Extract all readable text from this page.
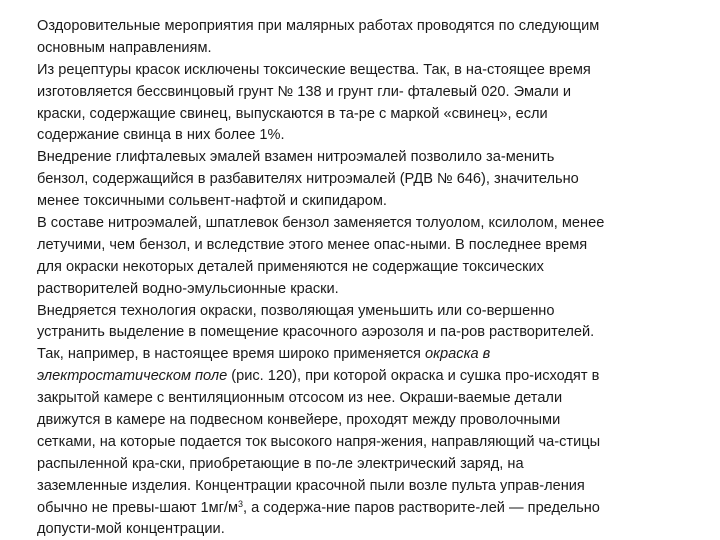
Оздоровительные мероприятия при малярных работах проводятся по следующим
основным направлениям.
Из рецептуры красок исключены токсические вещества. Так, в на-стоящее время
изготовляется бессвинцовый грунт № 138 и грунт гли- фталевый 020. Эмали и
краски, содержащие свинец, выпускаются в та-ре с маркой «свинец», если
содержание свинца в них более 1%.
Внедрение глифталевых эмалей взамен нитроэмалей позволило за-менить
бензол, содержащийся в разбавителях нитроэмалей (РДВ № 646), значительно
менее токсичными сольвент-нафтой и скипидаром.
В составе нитроэмалей, шпатлевок бензол заменяется толуолом, ксилолом, менее
летучими, чем бензол, и вследствие этого менее опас-ными. В последнее время
для окраски некоторых деталей применяются не содержащие токсических
растворителей водно-эмульсионные краски.
Внедряется технология окраски, позволяющая уменьшить или со-вершенно
устранить выделение в помещение красочного аэрозоля и па-ров растворителей.
Так, например, в настоящее время широко применяется окраска в
электростатическом поле (рис. 120), при которой окраска и сушка про-исходят в
закрытой камере с вентиляционным отсосом из нее. Окраши-ваемые детали
движутся в камере на подвесном конвейере, проходят между проволочными
сетками, на которые подается ток высокого напря-жения, направляющий ча-стицы
распыленной кра-ски, приобретающие в по-ле электрический заряд, на
заземленные изделия. Концентрации красочной пыли возле пульта управ-ления
обычно не превы-шают $1мг/м^3$, а содержа-ние паров растворите-лей — предельно
допусти-мой концентрации.
